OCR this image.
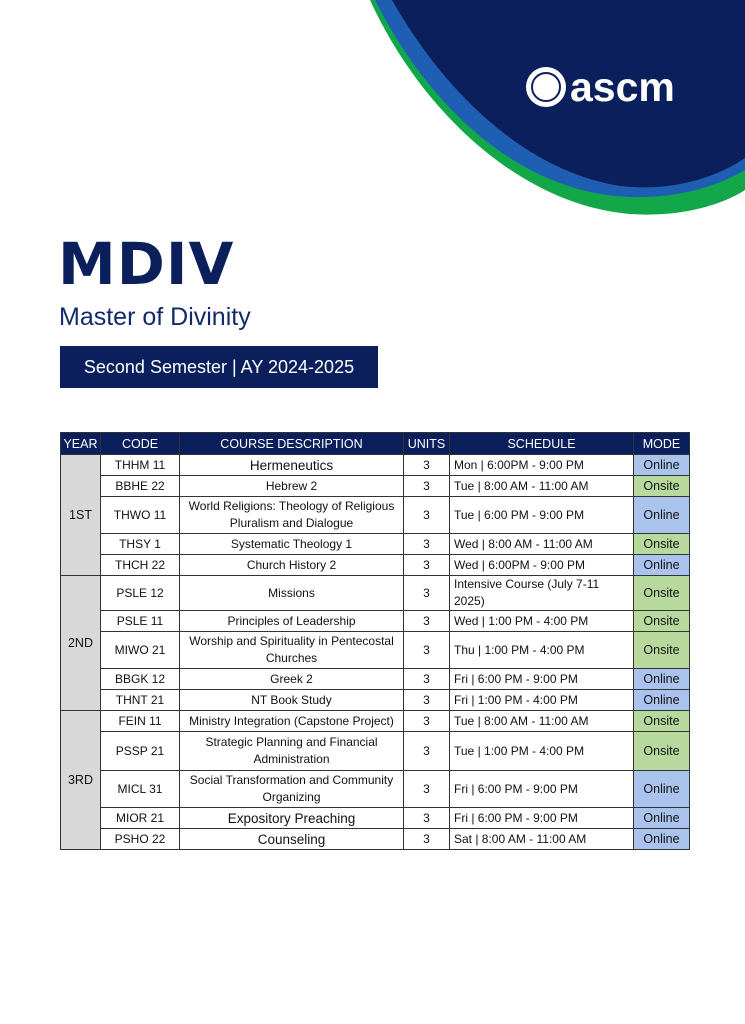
ascm
MDIV
Master of Divinity
Second Semester | AY 2024-2025
YEAR	CODE	COURSE DESCRIPTION	UNITS	SCHEDULE	MODE
1ST	THHM 11	Hermeneutics	3	Mon | 6:00PM - 9:00 PM	Online
	BBHE 22	Hebrew 2	3	Tue | 8:00 AM - 11:00 AM	Onsite
	THWO 11	World Religions: Theology of Religious Pluralism and Dialogue	3	Tue | 6:00 PM - 9:00 PM	Online
	THSY 1	Systematic Theology 1	3	Wed | 8:00 AM - 11:00 AM	Onsite
	THCH 22	Church History 2	3	Wed | 6:00PM - 9:00 PM	Online
2ND	PSLE 12	Missions	3	Intensive Course (July 7-11 2025)	Onsite
	PSLE 11	Principles of Leadership	3	Wed | 1:00 PM - 4:00 PM	Onsite
	MIWO 21	Worship and Spirituality in Pentecostal Churches	3	Thu | 1:00 PM - 4:00 PM	Onsite
	BBGK 12	Greek 2	3	Fri | 6:00 PM - 9:00 PM	Online
	THNT 21	NT Book Study	3	Fri | 1:00 PM - 4:00 PM	Online
3RD	FEIN 11	Ministry Integration (Capstone Project)	3	Tue | 8:00 AM - 11:00 AM	Onsite
	PSSP 21	Strategic Planning and Financial Administration	3	Tue | 1:00 PM - 4:00 PM	Onsite
	MICL 31	Social Transformation and Community Organizing	3	Fri | 6:00 PM - 9:00 PM	Online
	MIOR 21	Expository Preaching	3	Fri | 6:00 PM - 9:00 PM	Online
	PSHO 22	Counseling	3	Sat | 8:00 AM - 11:00 AM	Online
